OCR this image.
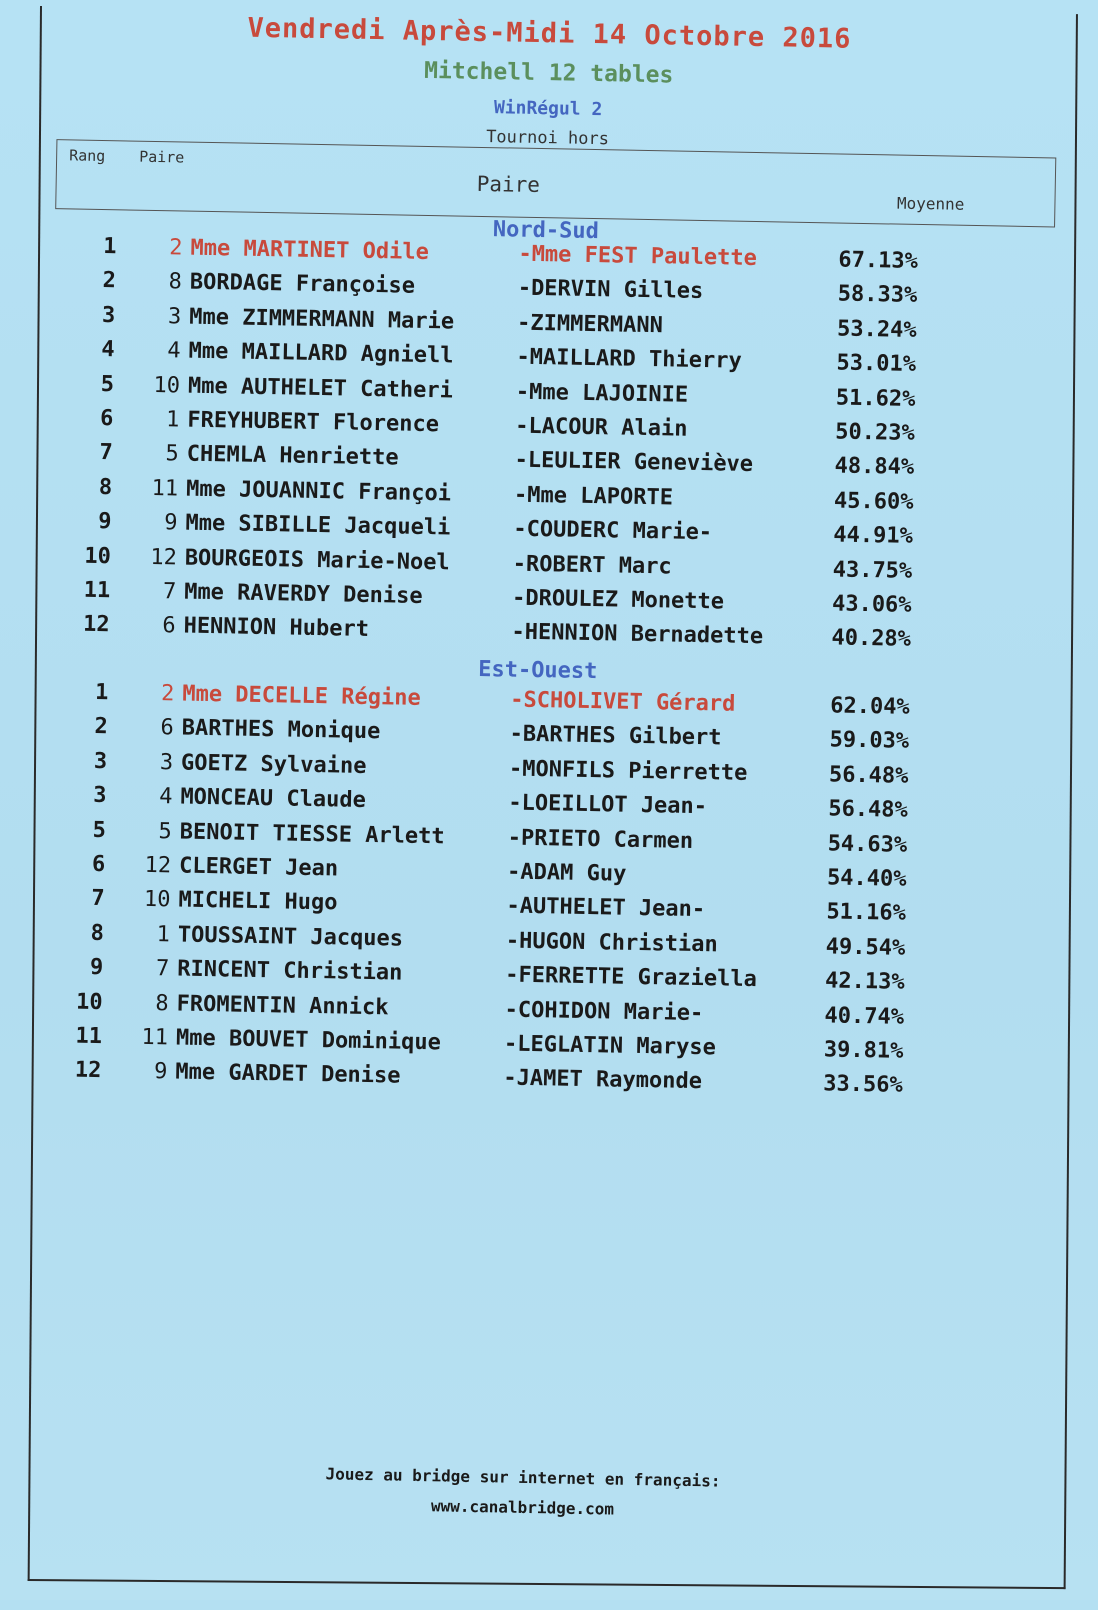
Vendredi Après-Midi 14 Octobre 2016
Mitchell 12 tables
WinRégul 2
Tournoi hors
Rang Paire
Paire
Moyenne
Nord-Sud
1	2 Mme MARTINET Odile	-Mme FEST Paulette	67.13%
2	8 BORDAGE Françoise	-DERVIN Gilles	58.33%
3	3 Mme ZIMMERMANN Marie	-ZIMMERMANN	53.24%
4	4 Mme MAILLARD Agniell	-MAILLARD Thierry	53.01%
5	10 Mme AUTHELET Catheri	-Mme LAJOINIE	51.62%
6	1 FREYHUBERT Florence	-LACOUR Alain	50.23%
7	5 CHEMLA Henriette	-LEULIER Geneviève	48.84%
8	11 Mme JOUANNIC Françoi	-Mme LAPORTE	45.60%
9	9 Mme SIBILLE Jacqueli	-COUDERC Marie-	44.91%
10	12 BOURGEOIS Marie-Noel	-ROBERT Marc	43.75%
11	7 Mme RAVERDY Denise	-DROULEZ Monette	43.06%
12	6 HENNION Hubert	-HENNION Bernadette	40.28%
Est-Ouest
1	2 Mme DECELLE Régine	-SCHOLIVET Gérard	62.04%
2	6 BARTHES Monique	-BARTHES Gilbert	59.03%
3	3 GOETZ Sylvaine	-MONFILS Pierrette	56.48%
3	4 MONCEAU Claude	-LOEILLOT Jean-	56.48%
5	5 BENOIT TIESSE Arlett	-PRIETO Carmen	54.63%
6	12 CLERGET Jean	-ADAM Guy	54.40%
7	10 MICHELI Hugo	-AUTHELET Jean-	51.16%
8	1 TOUSSAINT Jacques	-HUGON Christian	49.54%
9	7 RINCENT Christian	-FERRETTE Graziella	42.13%
10	8 FROMENTIN Annick	-COHIDON Marie-	40.74%
11	11 Mme BOUVET Dominique	-LEGLATIN Maryse	39.81%
12	9 Mme GARDET Denise	-JAMET Raymonde	33.56%
Jouez au bridge sur internet en français:
www.canalbridge.com
